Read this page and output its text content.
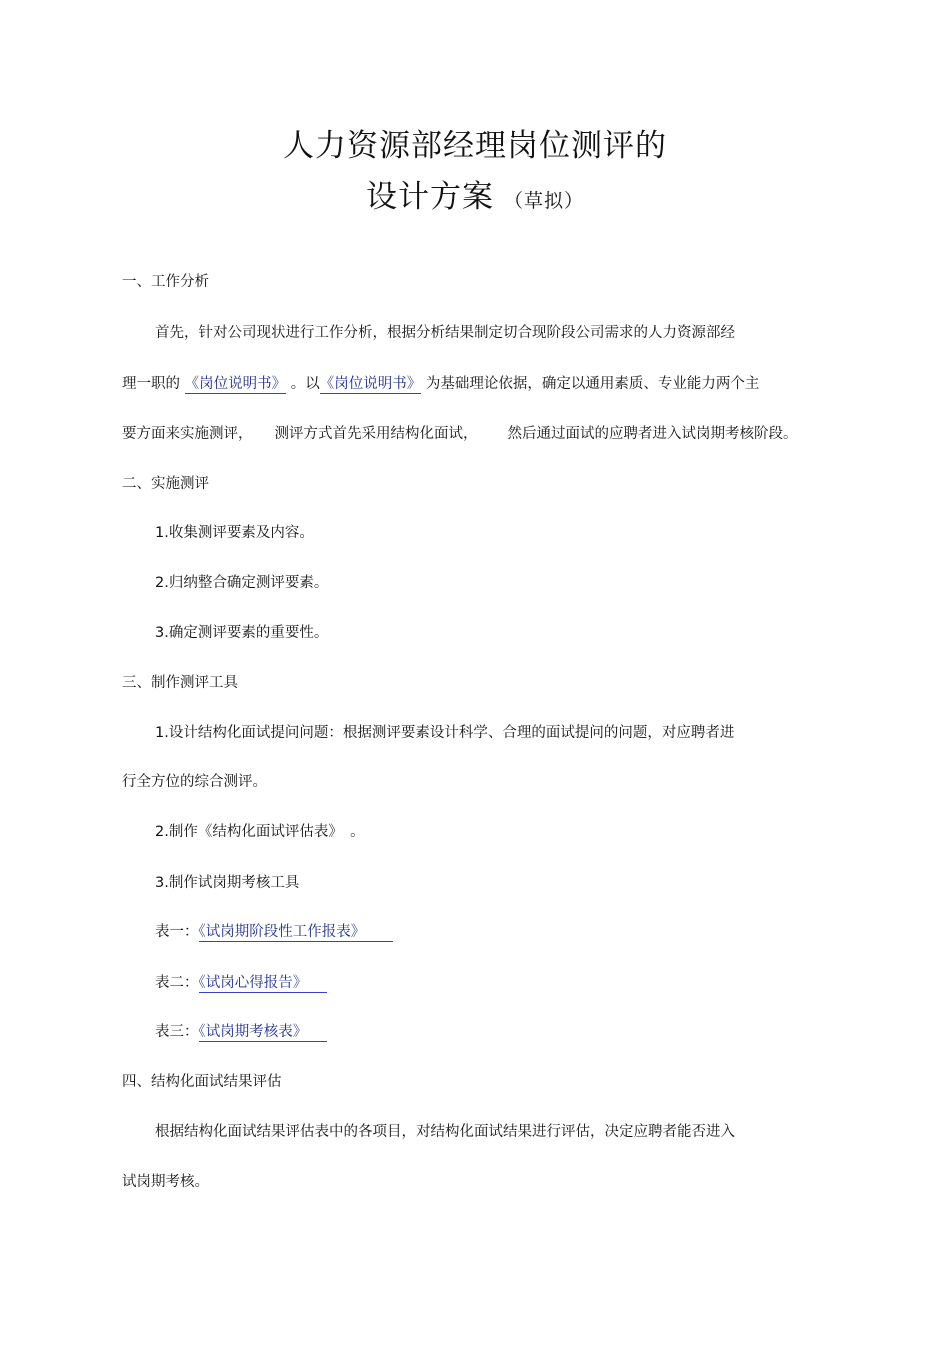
人力资源部经理岗位测评的
设计方案 （草拟）
一、工作分析
首先，针对公司现状进行工作分析，根据分析结果制定切合现阶段公司需求的人力资源部经
理一职的 《岗位说明书》 。以《岗位说明书》 为基础理论依据，确定以通用素质、专业能力两个主
要方面来实施测评， 测评方式首先采用结构化面试， 然后通过面试的应聘者进入试岗期考核阶段。
二、实施测评
1.收集测评要素及内容。
2.归纳整合确定测评要素。
3.确定测评要素的重要性。
三、制作测评工具
1.设计结构化面试提问问题：根据测评要素设计科学、合理的面试提问的问题，对应聘者进
行全方位的综合测评。
2.制作《结构化面试评估表》　。
3.制作试岗期考核工具
表一：《试岗期阶段性工作报表》
表二：《试岗心得报告》
表三：《试岗期考核表》
四、结构化面试结果评估
根据结构化面试结果评估表中的各项目，对结构化面试结果进行评估，决定应聘者能否进入
试岗期考核。
